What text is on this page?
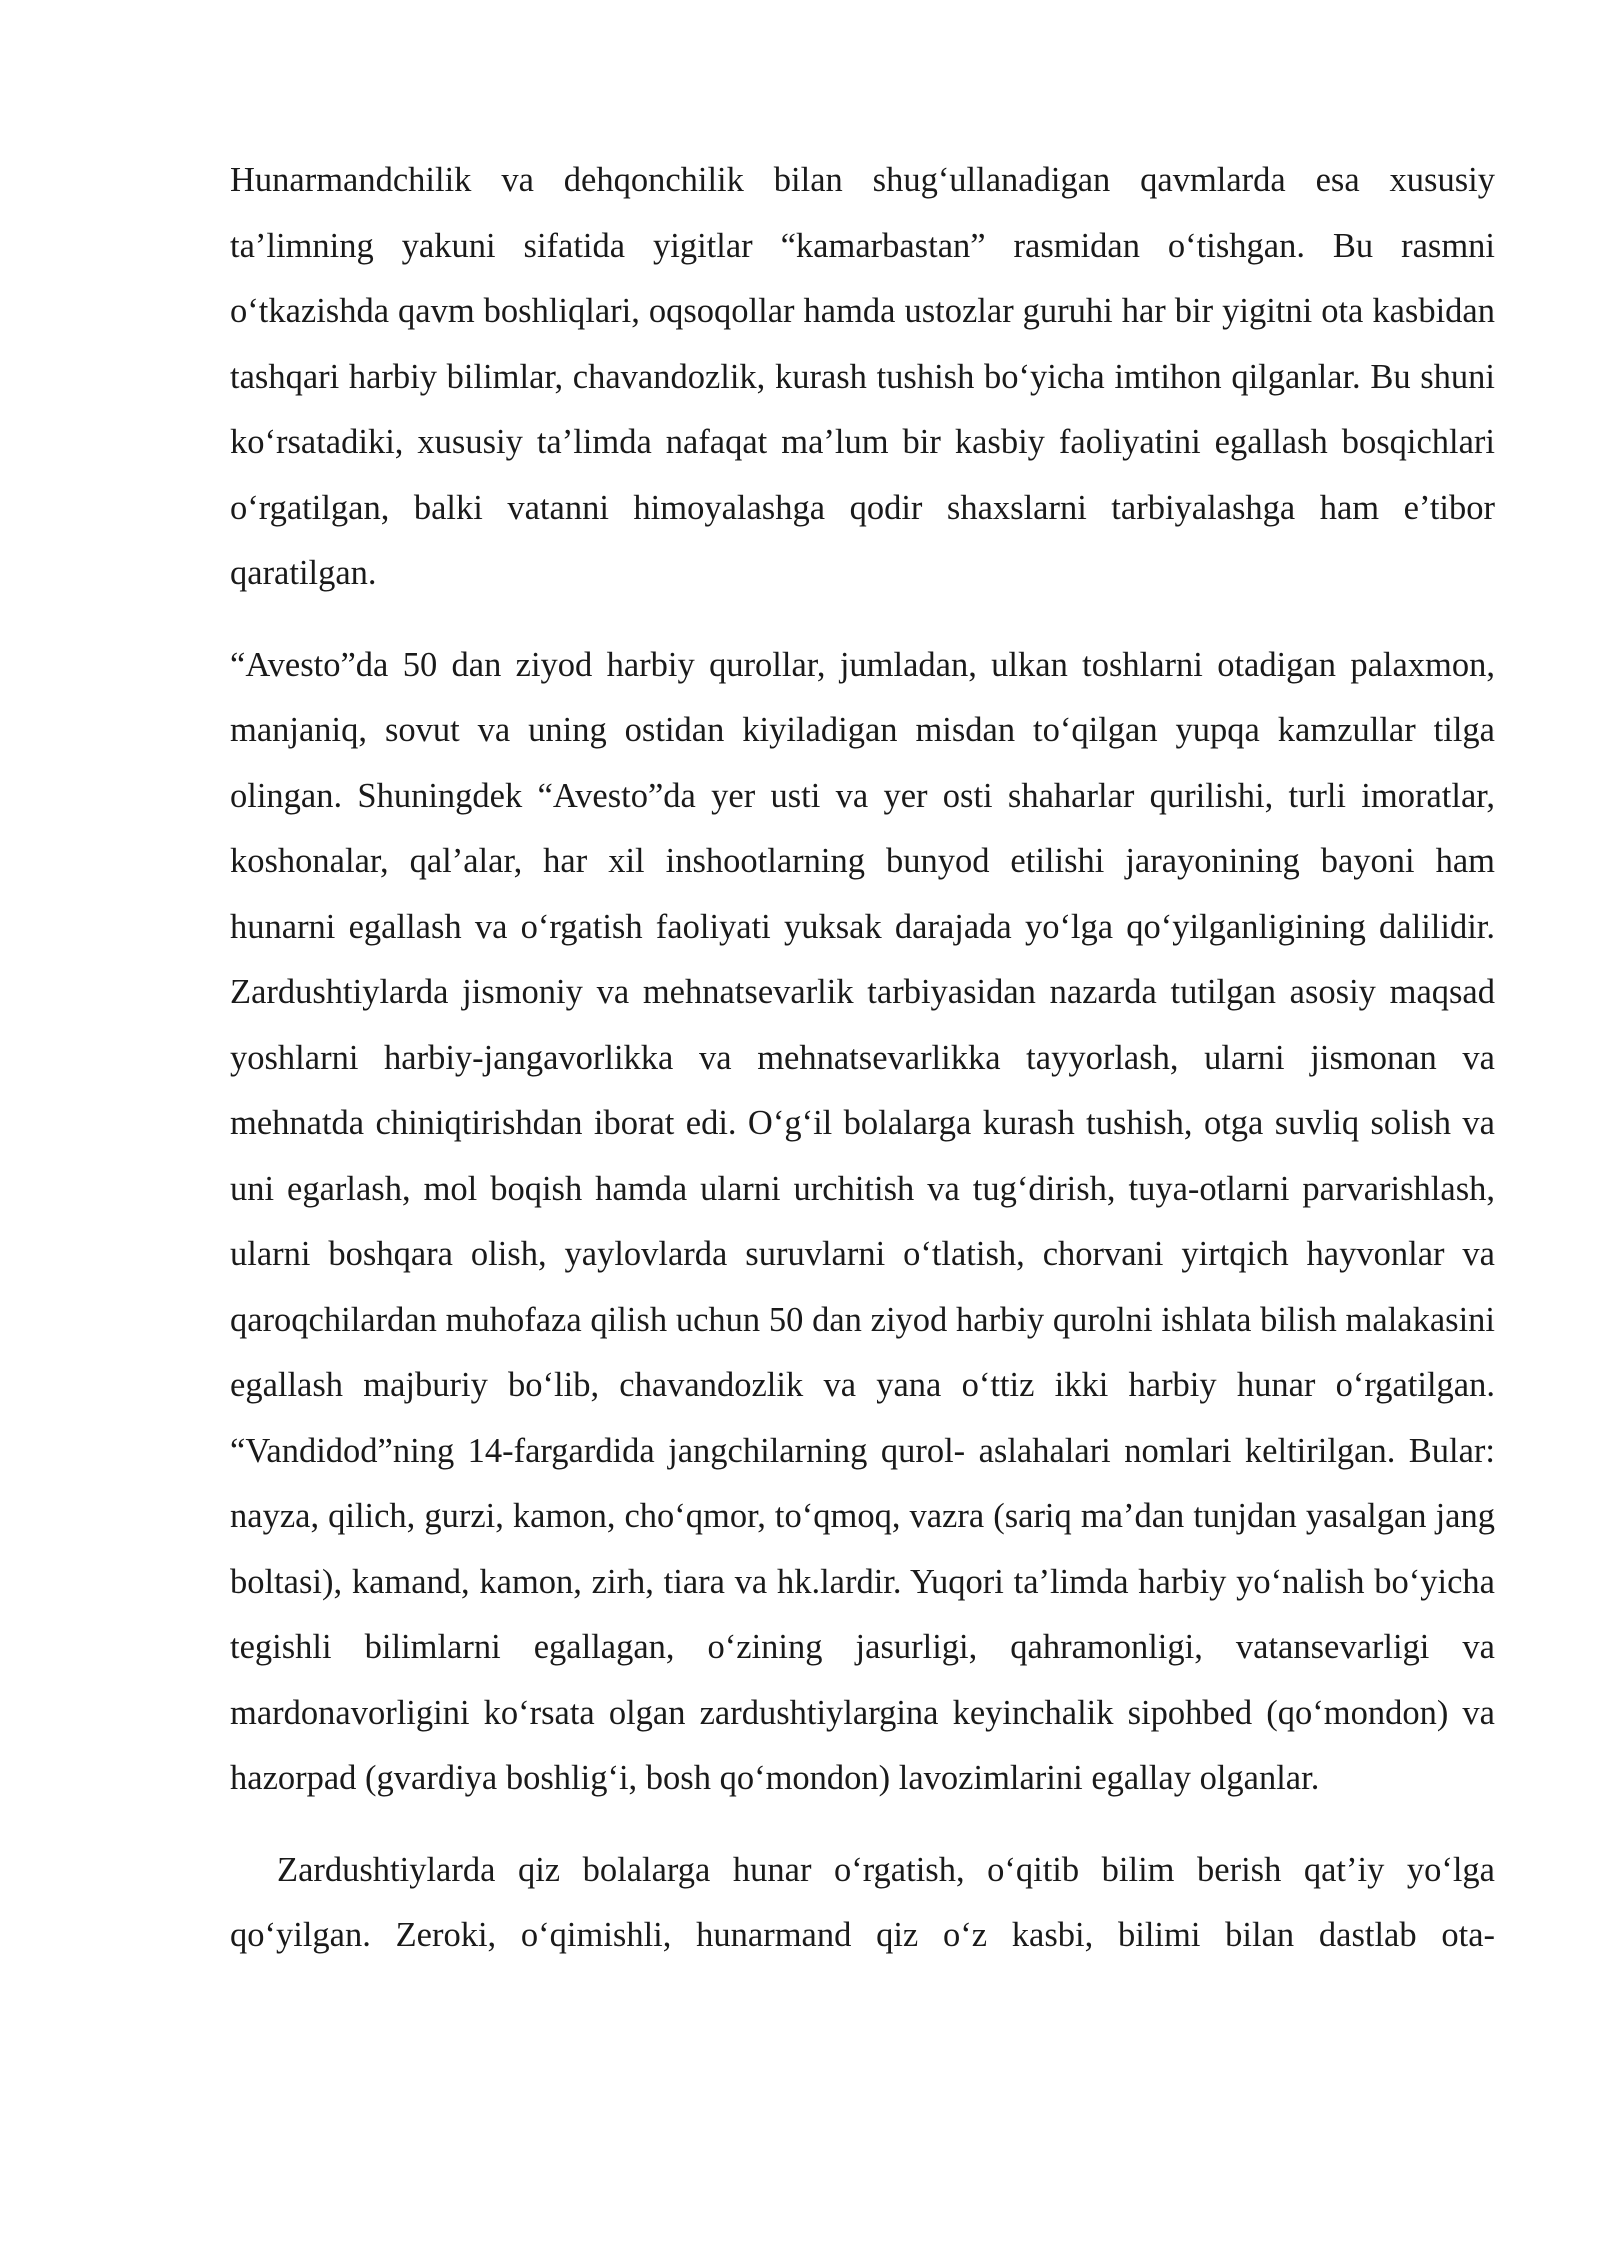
Hunarmandchilik va dehqonchilik bilan shug‘ullanadigan qavmlarda esa xususiy ta’limning yakuni sifatida yigitlar “kamarbastan” rasmidan o‘tishgan. Bu rasmni o‘tkazishda qavm boshliqlari, oqsoqollar hamda ustozlar guruhi har bir yigitni ota kasbidan tashqari harbiy bilimlar, chavandozlik, kurash tushish bo‘yicha imtihon qilganlar. Bu shuni ko‘rsatadiki, xususiy ta’limda nafaqat ma’lum bir kasbiy faoliyatini egallash bosqichlari o‘rgatilgan, balki vatanni himoyalashga qodir shaxslarni tarbiyalashga ham e’tibor qaratilgan.

“Avesto”da 50 dan ziyod harbiy qurollar, jumladan, ulkan toshlarni otadigan palaxmon, manjaniq, sovut va uning ostidan kiyiladigan misdan to‘qilgan yupqa kamzullar tilga olingan. Shuningdek “Avesto”da yer usti va yer osti shaharlar qurilishi, turli imoratlar, koshonalar, qal’alar, har xil inshootlarning bunyod etilishi jarayonining bayoni ham hunarni egallash va o‘rgatish faoliyati yuksak darajada yo‘lga qo‘yilganligining dalilidir. Zardushtiylarda jismoniy va mehnatsevarlik tarbiyasidan nazarda tutilgan asosiy maqsad yoshlarni harbiy-jangavorlikka va mehnatsevarlikka tayyorlash, ularni jismonan va mehnatda chiniqtirishdan iborat edi. O‘g‘il bolalarga kurash tushish, otga suvliq solish va uni egarlash, mol boqish hamda ularni urchitish va tug‘dirish, tuya-otlarni parvarishlash, ularni boshqara olish, yaylovlarda suruvlarni o‘tlatish, chorvani yirtqich hayvonlar va qaroqchilardan muhofaza qilish uchun 50 dan ziyod harbiy qurolni ishlata bilish malakasini egallash majburiy bo‘lib, chavandozlik va yana o‘ttiz ikki harbiy hunar o‘rgatilgan. “Vandidod”ning 14-fargardida jangchilarning qurol- aslahalari nomlari keltirilgan. Bular: nayza, qilich, gurzi, kamon, cho‘qmor, to‘qmoq, vazra (sariq ma’dan tunjdan yasalgan jang boltasi), kamand, kamon, zirh, tiara va hk.lardir. Yuqori ta’limda harbiy yo‘nalish bo‘yicha tegishli bilimlarni egallagan, o‘zining jasurligi, qahramonligi, vatansevarligi va mardonavorligini ko‘rsata olgan zardushtiylargina keyinchalik sipohbed (qo‘mondon) va hazorpad (gvardiya boshlig‘i, bosh qo‘mondon) lavozimlarini egallay olganlar.

Zardushtiylarda qiz bolalarga hunar o‘rgatish, o‘qitib bilim berish qat’iy yo‘lga qo‘yilgan. Zeroki, o‘qimishli, hunarmand qiz o‘z kasbi, bilimi bilan dastlab ota-
